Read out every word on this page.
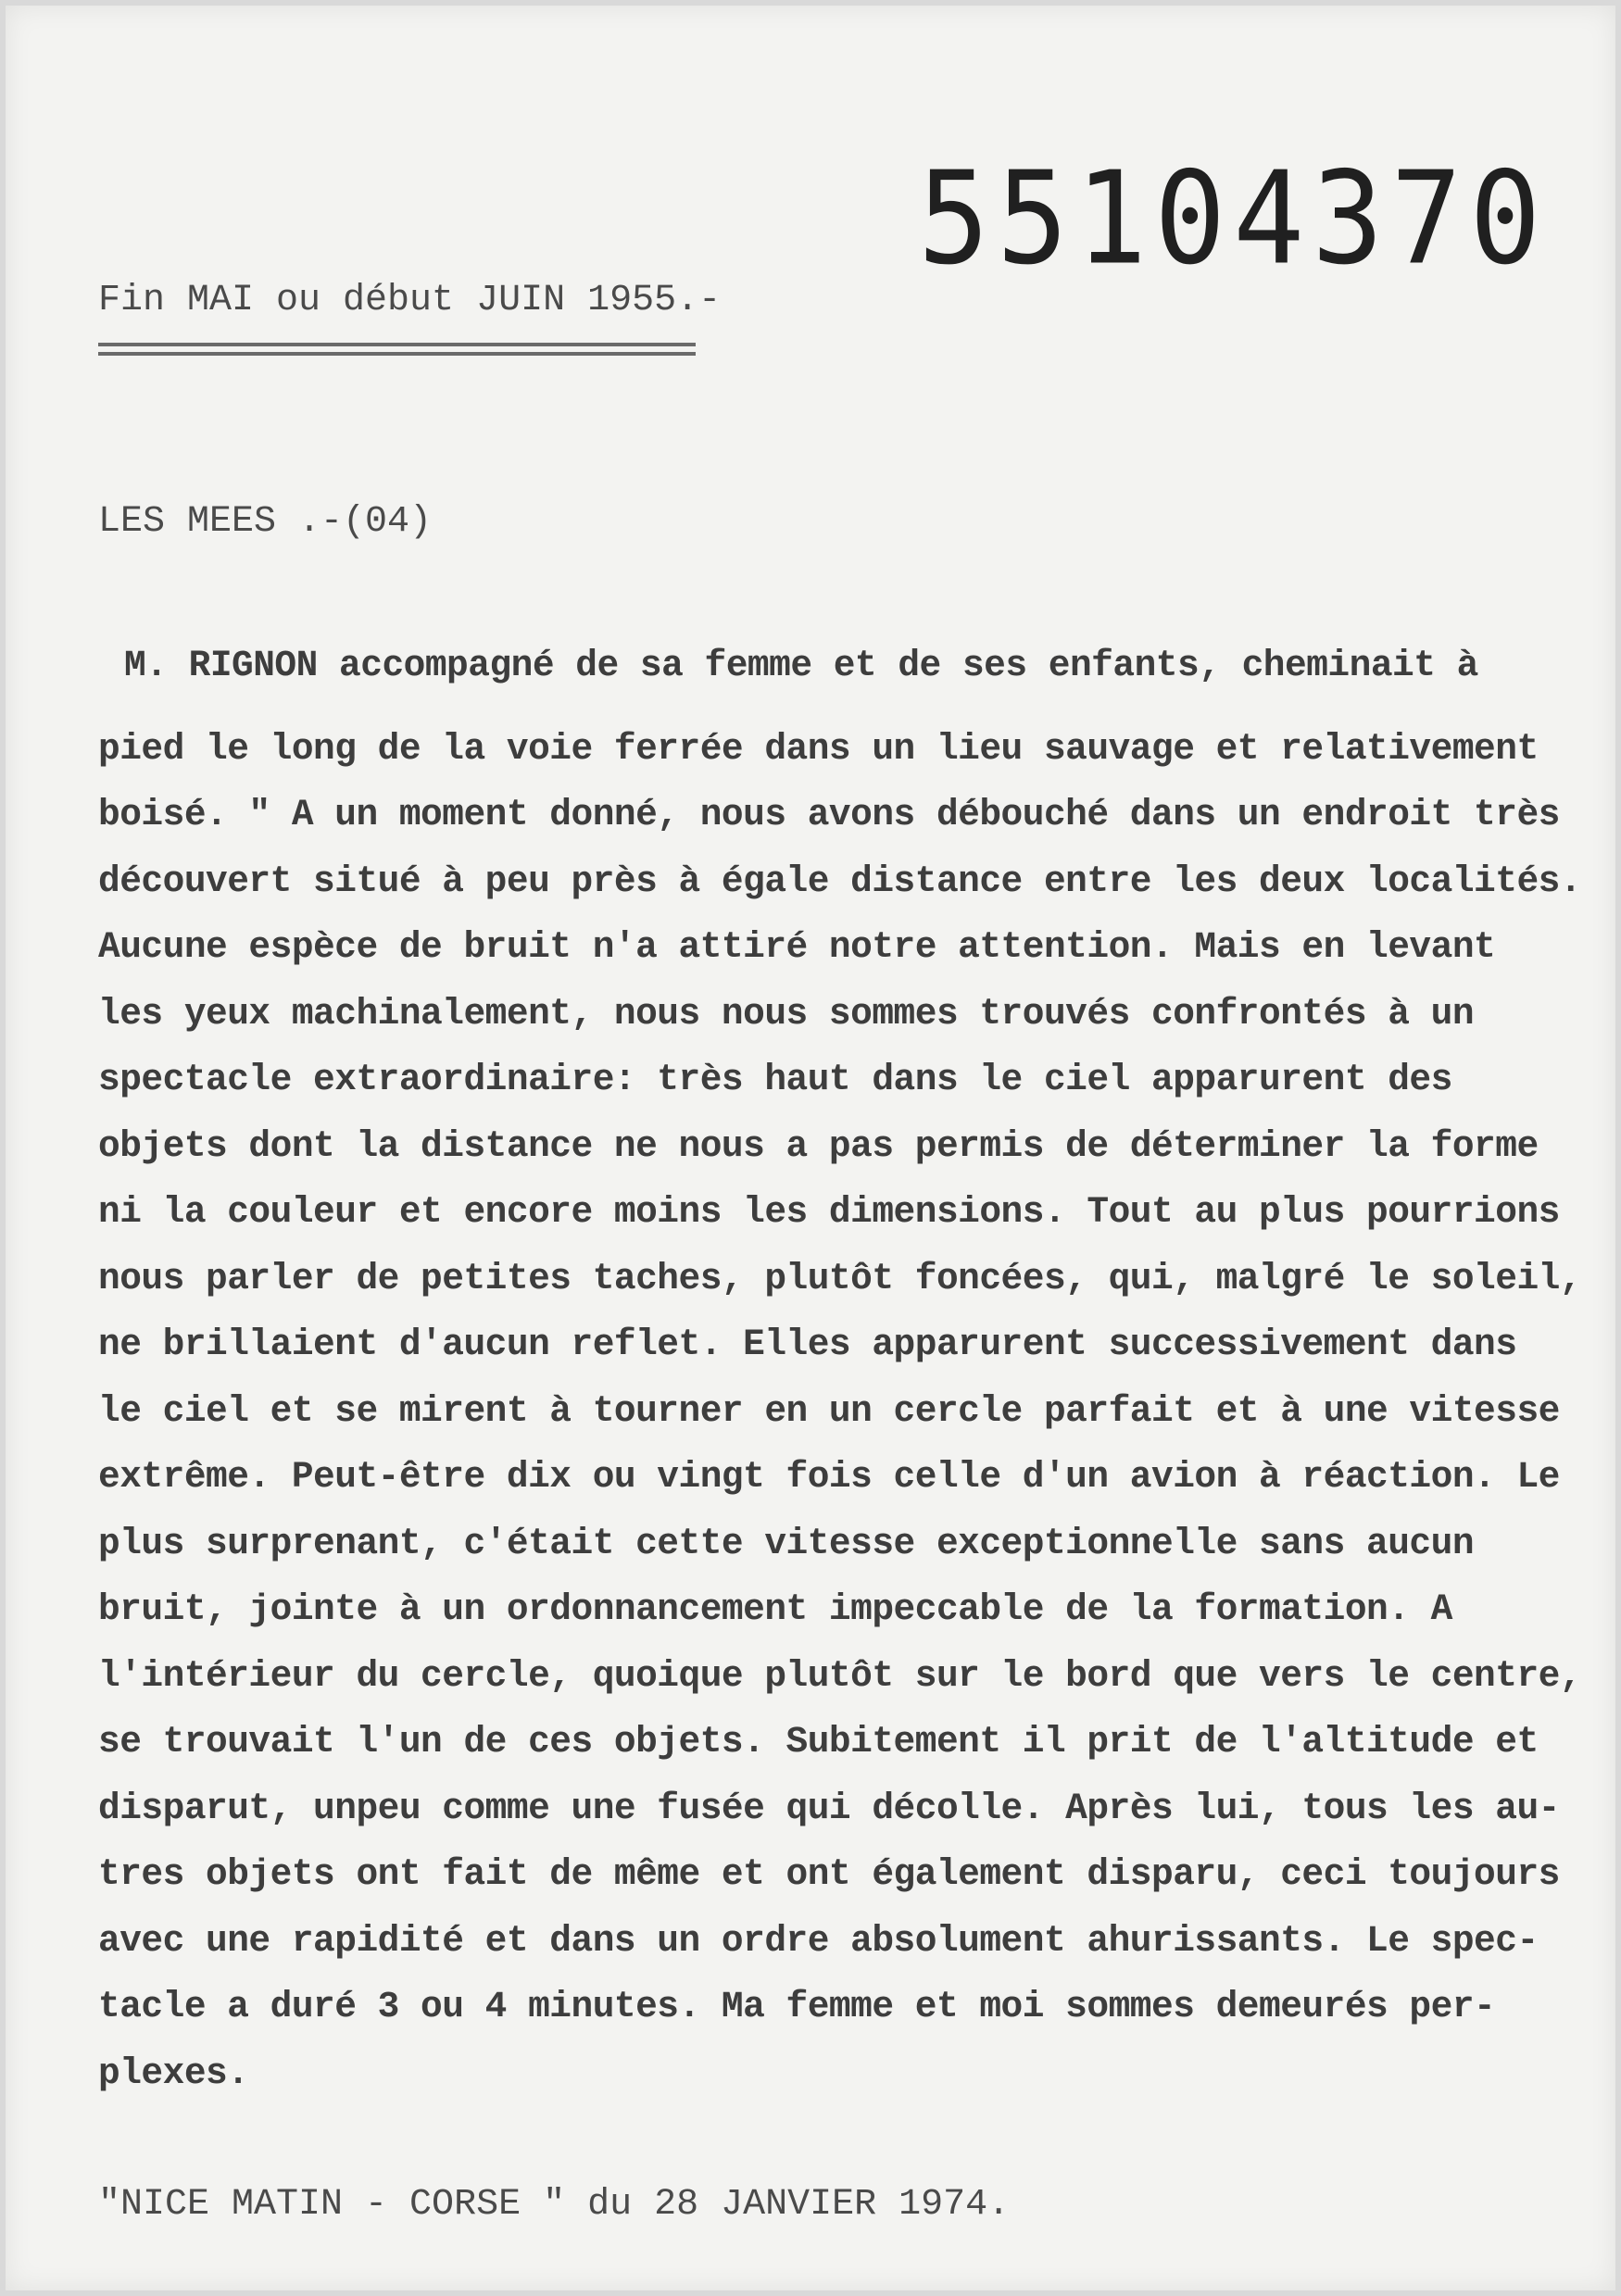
55104370
Fin MAI ou début JUIN 1955.-
LES MEES .-(04)
M. RIGNON accompagné de sa femme et de ses enfants, cheminait à
pied le long de la voie ferrée dans un lieu sauvage et relativement
boisé. " A un moment donné, nous avons débouché dans un endroit très
découvert situé à peu près à égale distance entre les deux localités.
Aucune espèce de bruit n'a attiré notre attention. Mais en levant
les yeux machinalement, nous nous sommes trouvés confrontés à un
spectacle extraordinaire: très haut dans le ciel apparurent des
objets dont la distance ne nous a pas permis de déterminer la forme
ni la couleur et encore moins les dimensions. Tout au plus pourrions
nous parler de petites taches, plutôt foncées, qui, malgré le soleil,
ne brillaient d'aucun reflet. Elles apparurent successivement dans
le ciel et se mirent à tourner en un cercle parfait et à une vitesse
extrême. Peut-être dix ou vingt fois celle d'un avion à réaction. Le
plus surprenant, c'était cette vitesse exceptionnelle sans aucun
bruit, jointe à un ordonnancement impeccable de la formation. A
l'intérieur du cercle, quoique plutôt sur le bord que vers le centre,
se trouvait l'un de ces objets. Subitement il prit de l'altitude et
disparut, unpeu comme une fusée qui décolle. Après lui, tous les au-
tres objets ont fait de même et ont également disparu, ceci toujours
avec une rapidité et dans un ordre absolument ahurissants. Le spec-
tacle a duré 3 ou 4 minutes. Ma femme et moi sommes demeurés per-
plexes.
"NICE MATIN - CORSE " du 28 JANVIER 1974.
